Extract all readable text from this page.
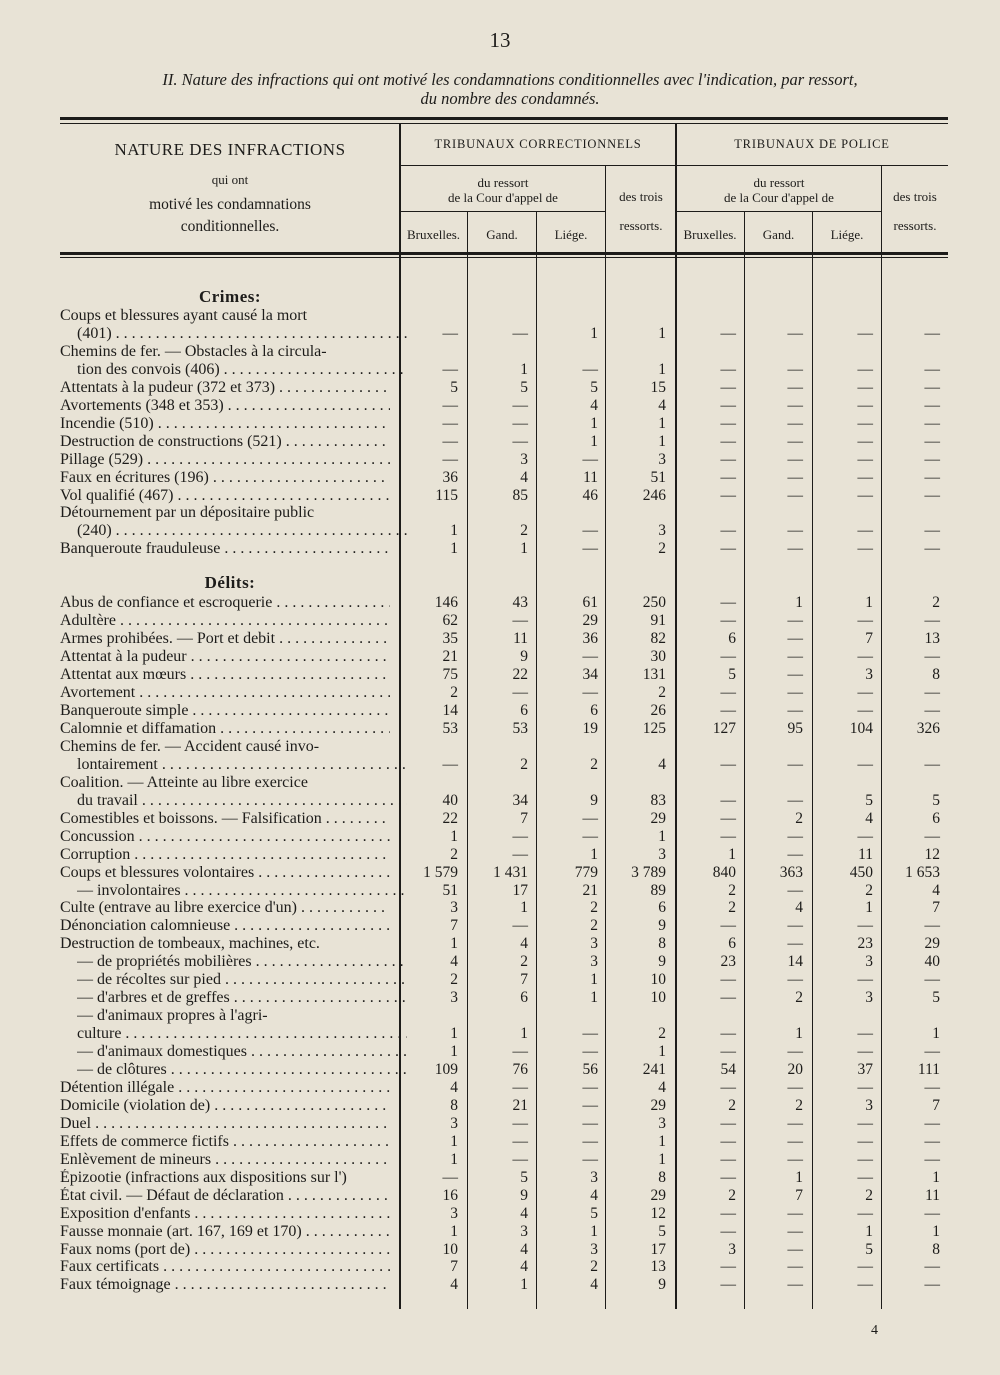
13
II. Nature des infractions qui ont motivé les condamnations conditionnelles avec l'indication, par ressort,
du nombre des condamnés.
NATURE DES INFRACTIONS
qui ont
motivé les condamnations
conditionnelles.
TRIBUNAUX CORRECTIONNELS	TRIBUNAUX DE POLICE
du ressort
de la Cour d'appel de	des trois
ressorts.
du ressort
de la Cour d'appel de	des trois
ressorts.
Bruxelles.	Gand.	Liége.	Bruxelles.	Gand.	Liége.
Crimes:
Coups et blessures ayant causé la mort
(401) . . .	—	—	1	1	—	—	—	—
Chemins de fer. — Obstacles à la circula-
tion des convois (406) . . .	—	1	—	1	—	—	—	—
Attentats à la pudeur (372 et 373) . . .	5	5	5	15	—	—	—	—
Avortements (348 et 353) . . .	—	—	4	4	—	—	—	—
Incendie (510) . . .	—	—	1	1	—	—	—	—
Destruction de constructions (521) . . .	—	—	1	1	—	—	—	—
Pillage (529) . . .	—	3	—	3	—	—	—	—
Faux en écritures (196) . . .	36	4	11	51	—	—	—	—
Vol qualifié (467) . . .	115	85	46	246	—	—	—	—
Détournement par un dépositaire public
(240) . . .	1	2	—	3	—	—	—	—
Banqueroute frauduleuse . . .	1	1	—	2	—	—	—	—
Délits:
Abus de confiance et escroquerie . . .	146	43	61	250	—	1	1	2
Adultère . . .	62	—	29	91	—	—	—	—
Armes prohibées. — Port et debit . . .	35	11	36	82	6	—	7	13
Attentat à la pudeur . . .	21	9	—	30	—	—	—	—
Attentat aux mœurs . . .	75	22	34	131	5	—	3	8
Avortement . . .	2	—	—	2	—	—	—	—
Banqueroute simple . . .	14	6	6	26	—	—	—	—
Calomnie et diffamation . . .	53	53	19	125	127	95	104	326
Chemins de fer. — Accident causé invo-
lontairement . . .	—	2	2	4	—	—	—	—
Coalition. — Atteinte au libre exercice
du travail . . .	40	34	9	83	—	—	5	5
Comestibles et boissons. — Falsification . . .	22	7	—	29	—	2	4	6
Concussion . . .	1	—	—	1	—	—	—	—
Corruption . . .	2	—	1	3	1	—	11	12
Coups et blessures volontaires . . .	1 579	1 431	779	3 789	840	363	450	1 653
— involontaires . . .	51	17	21	89	2	—	2	4
Culte (entrave au libre exercice d'un) . . .	3	1	2	6	2	4	1	7
Dénonciation calomnieuse . . .	7	—	2	9	—	—	—	—
Destruction de tombeaux, machines, etc.	1	4	3	8	6	—	23	29
— de propriétés mobilières . . .	4	2	3	9	23	14	3	40
— de récoltes sur pied . . .	2	7	1	10	—	—	—	—
— d'arbres et de greffes . . .	3	6	1	10	—	2	3	5
— d'animaux propres à l'agri-
culture . . .	1	1	—	2	—	1	—	1
— d'animaux domestiques . . .	1	—	—	1	—	—	—	—
— de clôtures . . .	109	76	56	241	54	20	37	111
Détention illégale . . .	4	—	—	4	—	—	—	—
Domicile (violation de) . . .	8	21	—	29	2	2	3	7
Duel . . .	3	—	—	3	—	—	—	—
Effets de commerce fictifs . . .	1	—	—	1	—	—	—	—
Enlèvement de mineurs . . .	1	—	—	1	—	—	—	—
Épizootie (infractions aux dispositions sur l')	—	5	3	8	—	1	—	1
État civil. — Défaut de déclaration . . .	16	9	4	29	2	7	2	11
Exposition d'enfants . . .	3	4	5	12	—	—	—	—
Fausse monnaie (art. 167, 169 et 170) . . .	1	3	1	5	—	—	1	1
Faux noms (port de) . . .	10	4	3	17	3	—	5	8
Faux certificats . . .	7	4	2	13	—	—	—	—
Faux témoignage . . .	4	1	4	9	—	—	—	—
4
